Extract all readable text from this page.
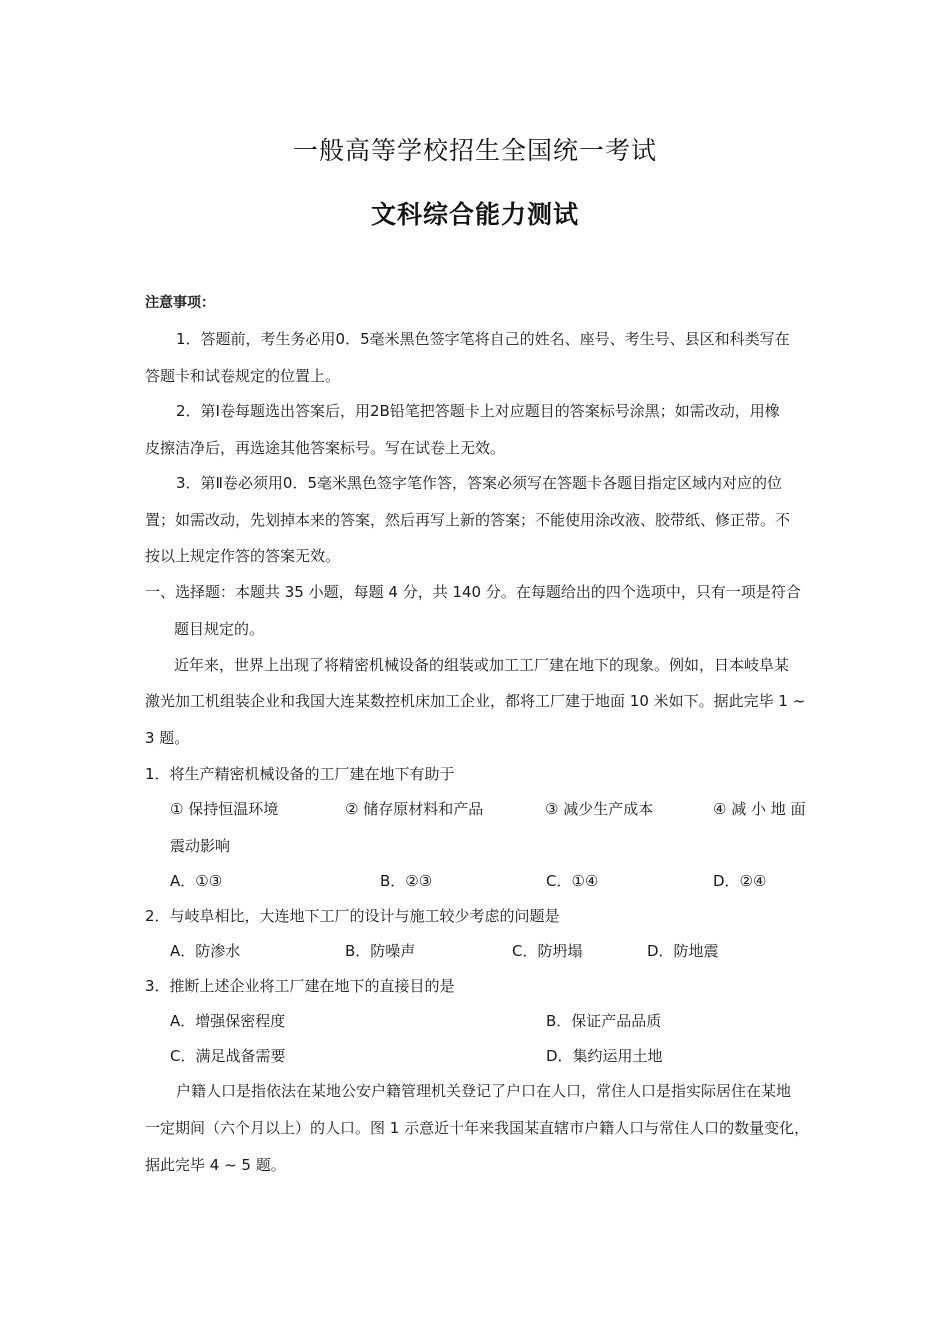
一般高等学校招生全国统一考试
文科综合能力测试
注意事项：
1．答题前，考生务必用0．5毫米黑色签字笔将自己的姓名、座号、考生号、县区和科类写在
答题卡和试卷规定的位置上。
2．第Ⅰ卷每题选出答案后，用2B铅笔把答题卡上对应题目的答案标号涂黑；如需改动，用橡
皮擦洁净后，再选途其他答案标号。写在试卷上无效。
3．第Ⅱ卷必须用0．5毫米黑色签字笔作答，答案必须写在答题卡各题目指定区域内对应的位
置；如需改动，先划掉本来的答案，然后再写上新的答案；不能使用涂改液、胶带纸、修正带。不
按以上规定作答的答案无效。
一、选择题：本题共 35 小题，每题 4 分，共 140 分。在每题给出的四个选项中，只有一项是符合
题目规定的。
近年来，世界上出现了将精密机械设备的组装或加工工厂建在地下的现象。例如，日本岐阜某
激光加工机组装企业和我国大连某数控机床加工企业，都将工厂建于地面 10 米如下。据此完毕 1 ~
3 题。
1．将生产精密机械设备的工厂建在地下有助于
① 保持恒温环境	② 储存原材料和产品	③ 减少生产成本	④ 减 小 地 面
震动影响
A．①③	B．②③	C．①④	D．②④
2．与岐阜相比，大连地下工厂的设计与施工较少考虑的问题是
A．防渗水	B．防噪声	C．防坍塌	D．防地震
3．推断上述企业将工厂建在地下的直接目的是
A．增强保密程度	B．保证产品品质
C．满足战备需要	D．集约运用土地
户籍人口是指依法在某地公安户籍管理机关登记了户口在人口，常住人口是指实际居住在某地
一定期间（六个月以上）的人口。图 1 示意近十年来我国某直辖市户籍人口与常住人口的数量变化，
据此完毕 4 ~ 5 题。
